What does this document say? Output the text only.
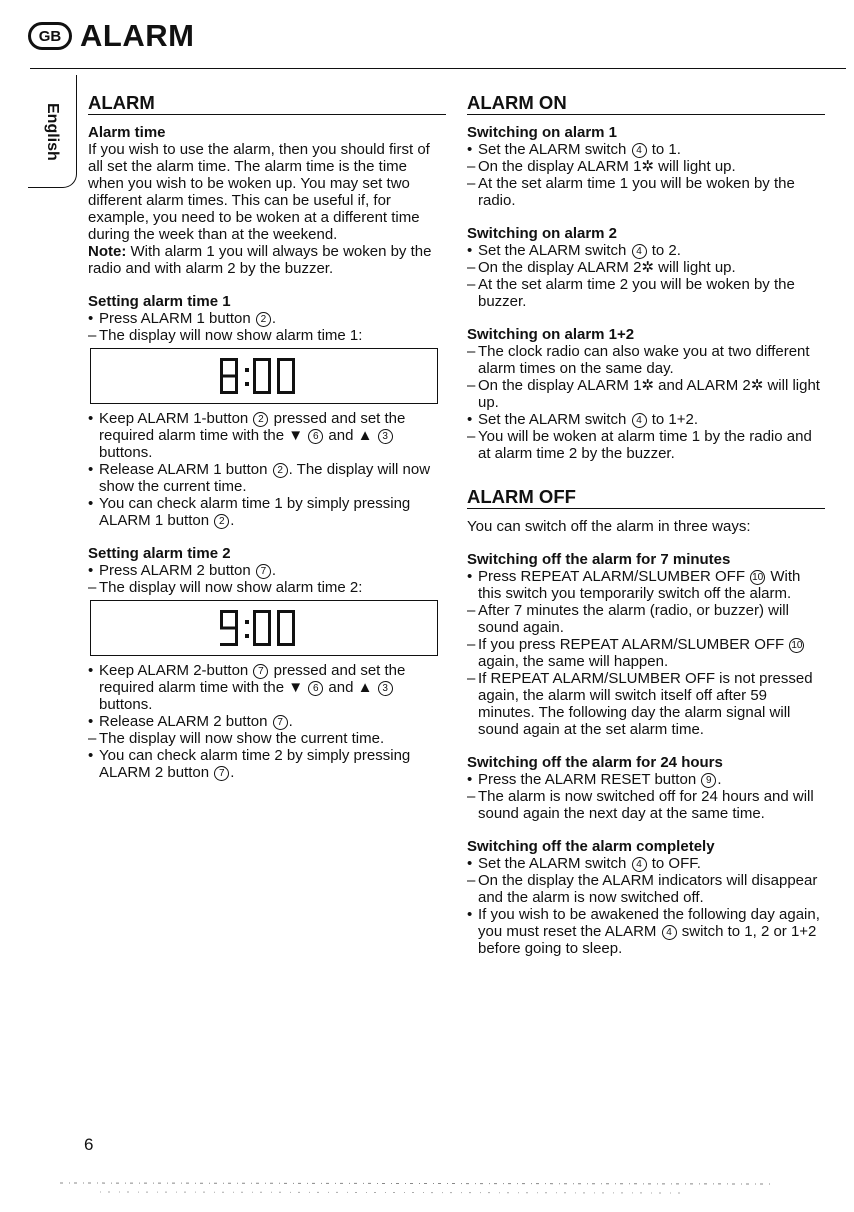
GB ALARM
English
ALARM
Alarm time

If you wish to use the alarm, then you should first of all set the alarm time. The alarm time is the time when you wish to be woken up. You may set two different alarm times. This can be useful if, for example, you need to be woken at a different time during the week than at the weekend.

Note: With alarm 1 you will always be woken by the radio and with alarm 2 by the buzzer.

Setting alarm time 1
• Press ALARM 1 button 2 .
– The display will now show alarm time 1:
• Keep ALARM 1-button 2 pressed and set the required alarm time with the ▼ 6 and ▲ 3 buttons.
• Release ALARM 1 button 2 . The display will now show the current time.
• You can check alarm time 1 by simply pressing ALARM 1 button 2 .
Setting alarm time 2
• Press ALARM 2 button 7 .
– The display will now show alarm time 2:
• Keep ALARM 2-button 7 pressed and set the required alarm time with the ▼ 6 and ▲ 3 buttons.
• Release ALARM 2 button 7 .
– The display will now show the current time.
• You can check alarm time 2 by simply pressing ALARM 2 button 7 .
ALARM ON
Switching on alarm 1
• Set the ALARM switch 4 to 1.
– On the display ALARM 1✲ will light up.
– At the set alarm time 1 you will be woken by the radio.
Switching on alarm 2
• Set the ALARM switch 4 to 2.
– On the display ALARM 2✲ will light up.
– At the set alarm time 2 you will be woken by the buzzer.
Switching on alarm 1+2
– The clock radio can also wake you at two different alarm times on the same day.
– On the display ALARM 1✲ and ALARM 2✲ will light up.
• Set the ALARM switch 4 to 1+2.
– You will be woken at alarm time 1 by the radio and at alarm time 2 by the buzzer.
ALARM OFF

You can switch off the alarm in three ways:

Switching off the alarm for 7 minutes
• Press REPEAT ALARM/SLUMBER OFF 10 With this switch you temporarily switch off the alarm.
– After 7 minutes the alarm (radio, or buzzer) will sound again.
– If you press REPEAT ALARM/SLUMBER OFF 10 again, the same will happen.
– If REPEAT ALARM/SLUMBER OFF is not pressed again, the alarm will switch itself off after 59 minutes. The following day the alarm signal will sound again at the set alarm time.
Switching off the alarm for 24 hours
• Press the ALARM RESET button 9 .
– The alarm is now switched off for 24 hours and will sound again the next day at the same time.
Switching off the alarm completely
• Set the ALARM switch 4 to OFF.
– On the display the ALARM indicators will disappear and the alarm is now switched off.
• If you wish to be awakened the following day again, you must reset the ALARM 4 switch to 1, 2 or 1+2 before going to sleep.
6
